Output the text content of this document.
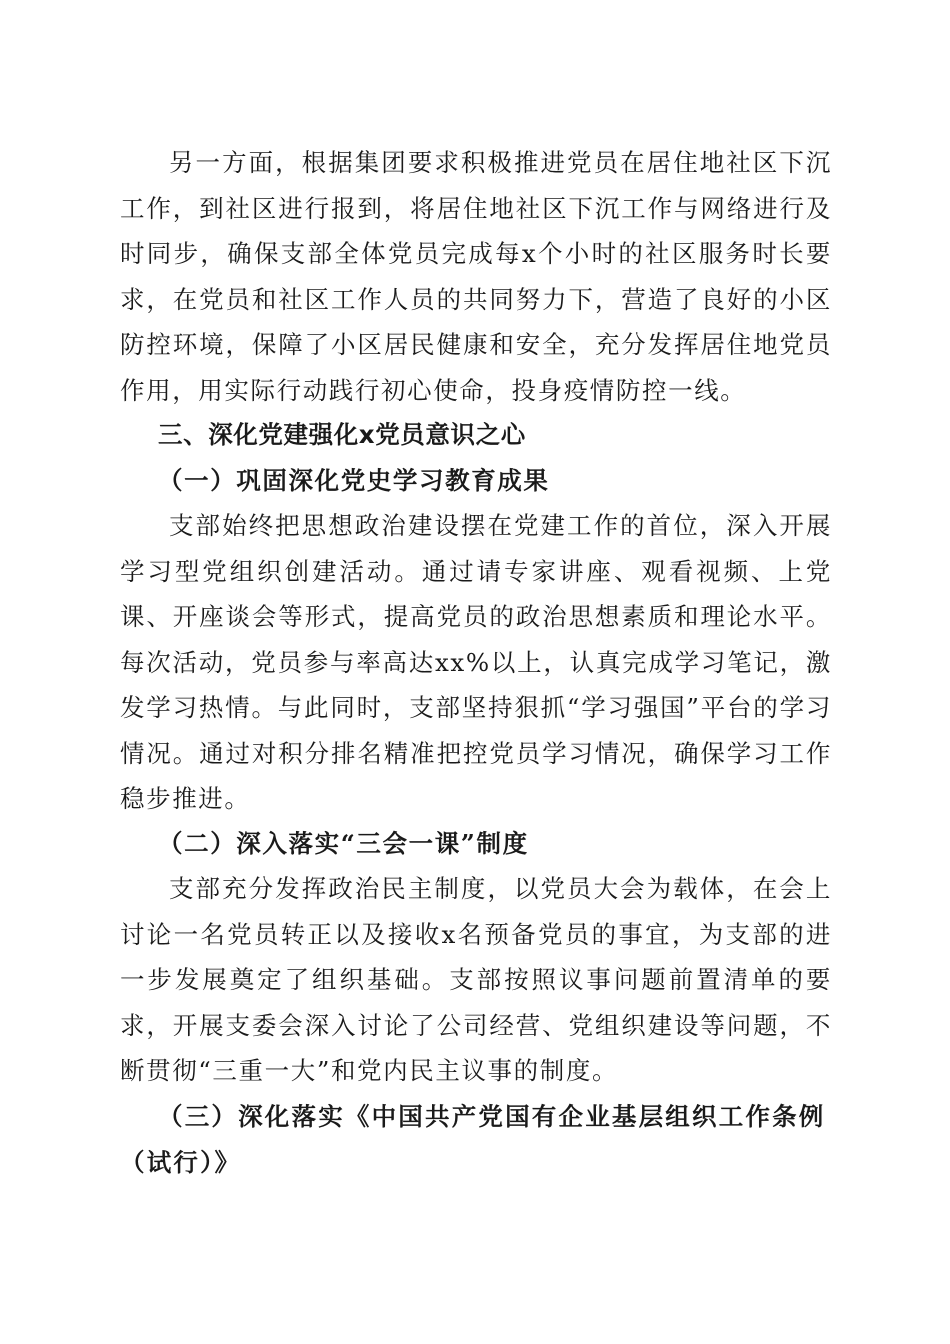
另一方面，根据集团要求积极推进党员在居住地社区下沉工作，到社区进行报到，将居住地社区下沉工作与网络进行及时同步，确保支部全体党员完成每x个小时的社区服务时长要求，在党员和社区工作人员的共同努力下，营造了良好的小区防控环境，保障了小区居民健康和安全，充分发挥居住地党员作用，用实际行动践行初心使命，投身疫情防控一线。

三、深化党建强化x党员意识之心

（一）巩固深化党史学习教育成果

支部始终把思想政治建设摆在党建工作的首位，深入开展学习型党组织创建活动。通过请专家讲座、观看视频、上党课、开座谈会等形式，提高党员的政治思想素质和理论水平。每次活动，党员参与率高达xx%以上，认真完成学习笔记，激发学习热情。与此同时，支部坚持狠抓“学习强国”平台的学习情况。通过对积分排名精准把控党员学习情况，确保学习工作稳步推进。

（二）深入落实“三会一课”制度

支部充分发挥政治民主制度，以党员大会为载体，在会上讨论一名党员转正以及接收x名预备党员的事宜，为支部的进一步发展奠定了组织基础。支部按照议事问题前置清单的要求，开展支委会深入讨论了公司经营、党组织建设等问题，不断贯彻“三重一大”和党内民主议事的制度。

（三）深化落实《中国共产党国有企业基层组织工作条例（试行）》
